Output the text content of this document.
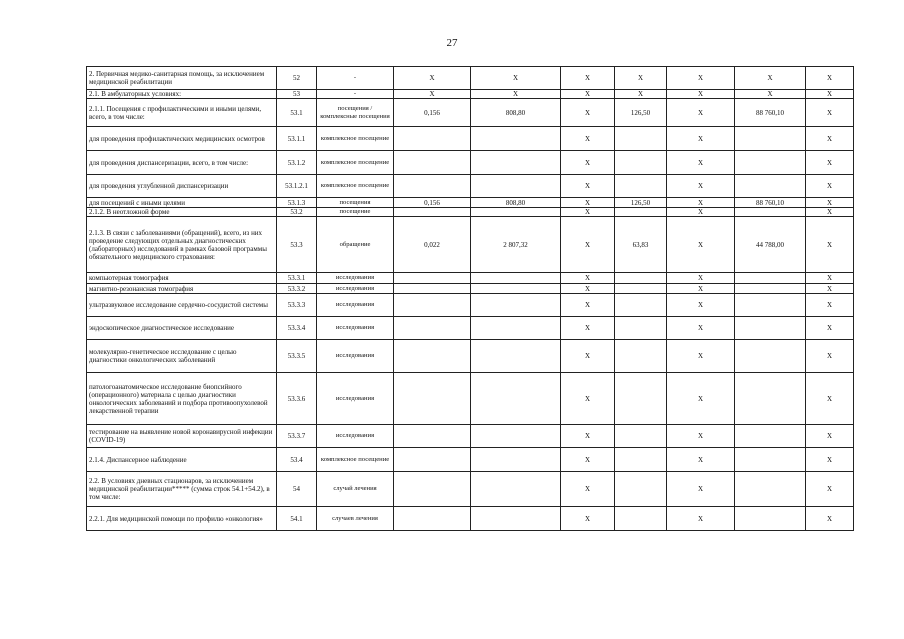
27
2. Первичная медико-санитарная помощь, за исключением медицинской реабилитации	52	-	X	X	X	X	X	X	X
2.1. В амбулаторных условиях:	53	-	X	X	X	X	X	X	X
2.1.1. Посещения с профилактическими и иными целями, всего, в том числе:	53.1	посещения / комплексные посещения	0,156	808,80	X	126,50	X	88 760,10	X
для проведения профилактических медицинских осмотров	53.1.1	комплексное посещение			X		X		X
для проведения диспансеризации, всего, в том числе:	53.1.2	комплексное посещение			X		X		X
для проведения углубленной диспансеризации	53.1.2.1	комплексное посещение			X		X		X
для посещений с иными целями	53.1.3	посещения	0,156	808,80	X	126,50	X	88 760,10	X
2.1.2. В неотложной форме	53.2	посещение			X		X		X
2.1.3. В связи с заболеваниями (обращений), всего, из них проведение следующих отдельных диагностических (лабораторных) исследований в рамках базовой программы обязательного медицинского страхования:	53.3	обращение	0,022	2 807,32	X	63,83	X	44 788,00	X
компьютерная томография	53.3.1	исследования			X		X		X
магнитно-резонансная томография	53.3.2	исследования			X		X		X
ультразвуковое исследование сердечно-сосудистой системы	53.3.3	исследования			X		X		X
эндоскопическое диагностическое исследование	53.3.4	исследования			X		X		X
молекулярно-генетическое исследование с целью диагностики онкологических заболеваний	53.3.5	исследования			X		X		X
патологоанатомическое исследование биопсийного (операционного) материала с целью диагностики онкологических заболеваний и подбора противоопухолевой лекарственной терапии	53.3.6	исследования			X		X		X
тестирование на выявление новой коронавирусной инфекции (COVID-19)	53.3.7	исследования			X		X		X
2.1.4. Диспансерное наблюдение	53.4	комплексное посещение			X		X		X
2.2. В условиях дневных стационаров, за исключением медицинской реабилитации***** (сумма строк 54.1+54.2), в том числе:	54	случай лечения			X		X		X
2.2.1. Для медицинской помощи по профилю «онкология»	54.1	случаев лечения			X		X		X
